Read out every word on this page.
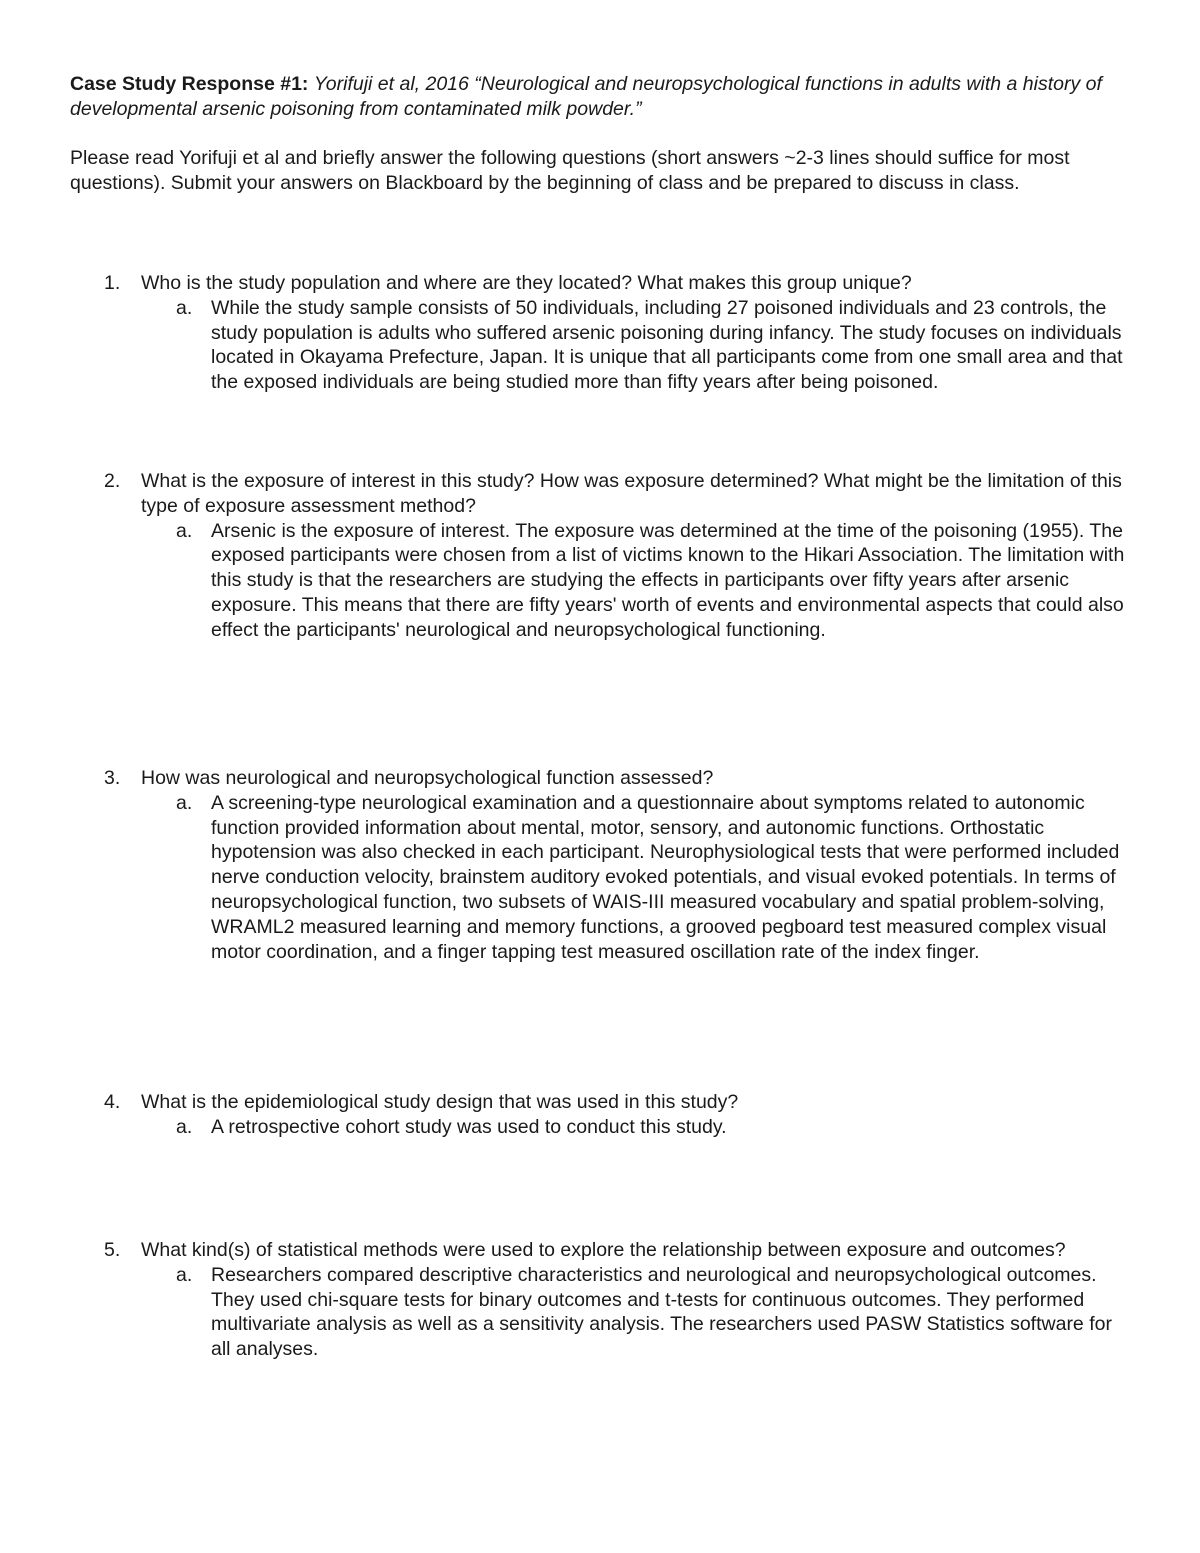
Case Study Response #1: Yorifuji et al, 2016 “Neurological and neuropsychological functions in adults with a history of developmental arsenic poisoning from contaminated milk powder.”
Please read Yorifuji et al and briefly answer the following questions (short answers ~2-3 lines should suffice for most questions). Submit your answers on Blackboard by the beginning of class and be prepared to discuss in class.
1. Who is the study population and where are they located? What makes this group unique?
a. While the study sample consists of 50 individuals, including 27 poisoned individuals and 23 controls, the study population is adults who suffered arsenic poisoning during infancy. The study focuses on individuals located in Okayama Prefecture, Japan. It is unique that all participants come from one small area and that the exposed individuals are being studied more than fifty years after being poisoned.
2. What is the exposure of interest in this study? How was exposure determined? What might be the limitation of this type of exposure assessment method?
a. Arsenic is the exposure of interest. The exposure was determined at the time of the poisoning (1955). The exposed participants were chosen from a list of victims known to the Hikari Association. The limitation with this study is that the researchers are studying the effects in participants over fifty years after arsenic exposure. This means that there are fifty years' worth of events and environmental aspects that could also effect the participants' neurological and neuropsychological functioning.
3. How was neurological and neuropsychological function assessed?
a. A screening-type neurological examination and a questionnaire about symptoms related to autonomic function provided information about mental, motor, sensory, and autonomic functions. Orthostatic hypotension was also checked in each participant. Neurophysiological tests that were performed included nerve conduction velocity, brainstem auditory evoked potentials, and visual evoked potentials. In terms of neuropsychological function, two subsets of WAIS-III measured vocabulary and spatial problem-solving, WRAML2 measured learning and memory functions, a grooved pegboard test measured complex visual motor coordination, and a finger tapping test measured oscillation rate of the index finger.
4. What is the epidemiological study design that was used in this study?
a. A retrospective cohort study was used to conduct this study.
5. What kind(s) of statistical methods were used to explore the relationship between exposure and outcomes?
a. Researchers compared descriptive characteristics and neurological and neuropsychological outcomes. They used chi-square tests for binary outcomes and t-tests for continuous outcomes. They performed multivariate analysis as well as a sensitivity analysis. The researchers used PASW Statistics software for all analyses.
